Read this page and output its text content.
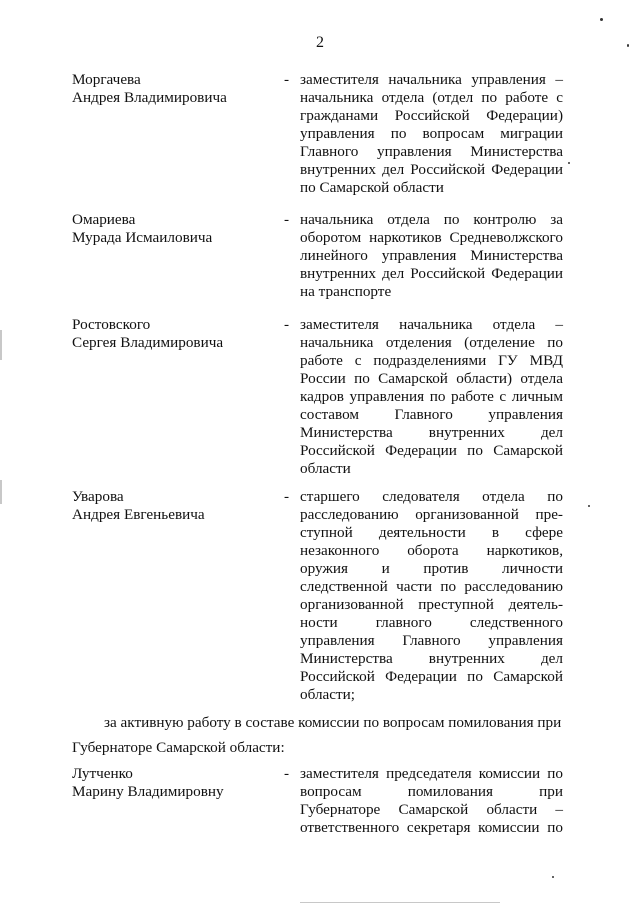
2
Моргачева
Андрея Владимировича
- заместителя начальника управления –
начальника отдела (отдел по работе с
гражданами Российской Федерации)
управления по вопросам миграции
Главного управления Министерства
внутренних дел Российской Федерации
по Самарской области
Омариева
Мурада Исмаиловича
- начальника отдела по контролю за
оборотом наркотиков Средневолжского
линейного управления Министерства
внутренних дел Российской Федерации
на транспорте
Ростовского
Сергея Владимировича
- заместителя начальника отдела –
начальника отделения (отделение по
работе с подразделениями ГУ МВД
России по Самарской области) отдела
кадров управления по работе с личным
составом Главного управления
Министерства внутренних дел
Российской Федерации по Самарской
области
Уварова
Андрея Евгеньевича
- старшего следователя отдела по
расследованию организованной пре-
ступной деятельности в сфере
незаконного оборота наркотиков,
оружия и против личности
следственной части по расследованию
организованной преступной деятель-
ности главного следственного
управления Главного управления
Министерства внутренних дел
Российской Федерации по Самарской
области;
за активную работу в составе комиссии по вопросам помилования при
Губернаторе Самарской области:
Лутченко
Марину Владимировну
- заместителя председателя комиссии по
вопросам помилования при
Губернаторе Самарской области –
ответственного секретаря комиссии по
